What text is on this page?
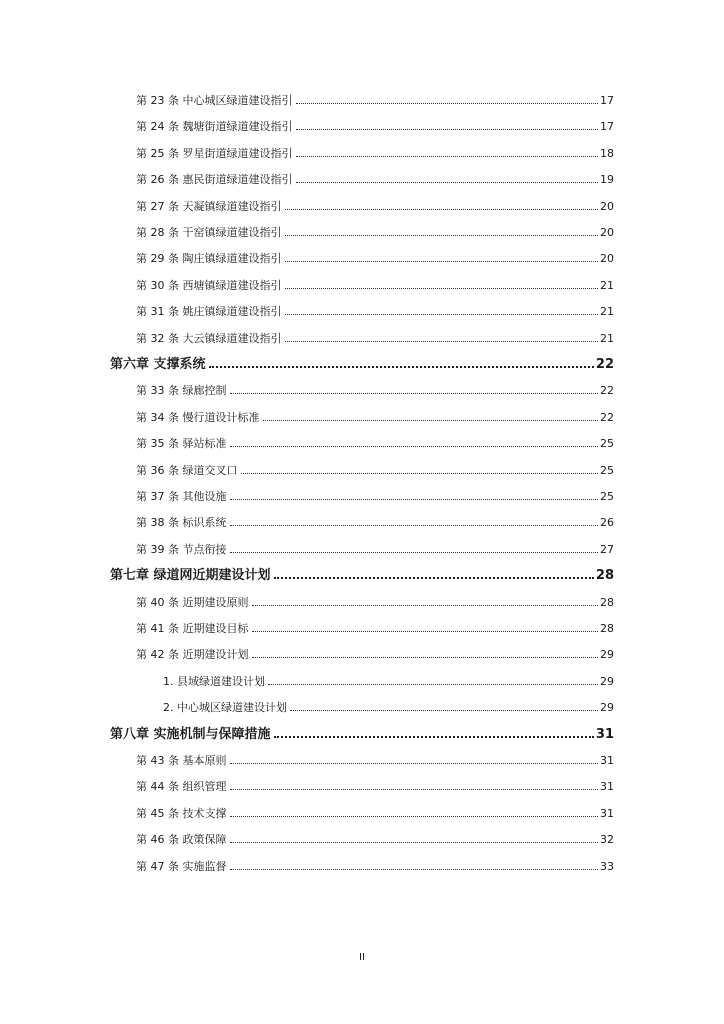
第 23 条 中心城区绿道建设指引	17
第 24 条 魏塘街道绿道建设指引	17
第 25 条 罗星街道绿道建设指引	18
第 26 条 惠民街道绿道建设指引	19
第 27 条 天凝镇绿道建设指引	20
第 28 条 干窑镇绿道建设指引	20
第 29 条 陶庄镇绿道建设指引	20
第 30 条 西塘镇绿道建设指引	21
第 31 条 姚庄镇绿道建设指引	21
第 32 条 大云镇绿道建设指引	21
第六章 支撑系统	22
第 33 条 绿廊控制	22
第 34 条 慢行道设计标准	22
第 35 条 驿站标准	25
第 36 条 绿道交叉口	25
第 37 条 其他设施	25
第 38 条 标识系统	26
第 39 条 节点衔接	27
第七章 绿道网近期建设计划	28
第 40 条 近期建设原则	28
第 41 条 近期建设目标	28
第 42 条 近期建设计划	29
1. 县域绿道建设计划	29
2. 中心城区绿道建设计划	29
第八章 实施机制与保障措施	31
第 43 条 基本原则	31
第 44 条 组织管理	31
第 45 条 技术支撑	31
第 46 条 政策保障	32
第 47 条 实施监督	33
II
